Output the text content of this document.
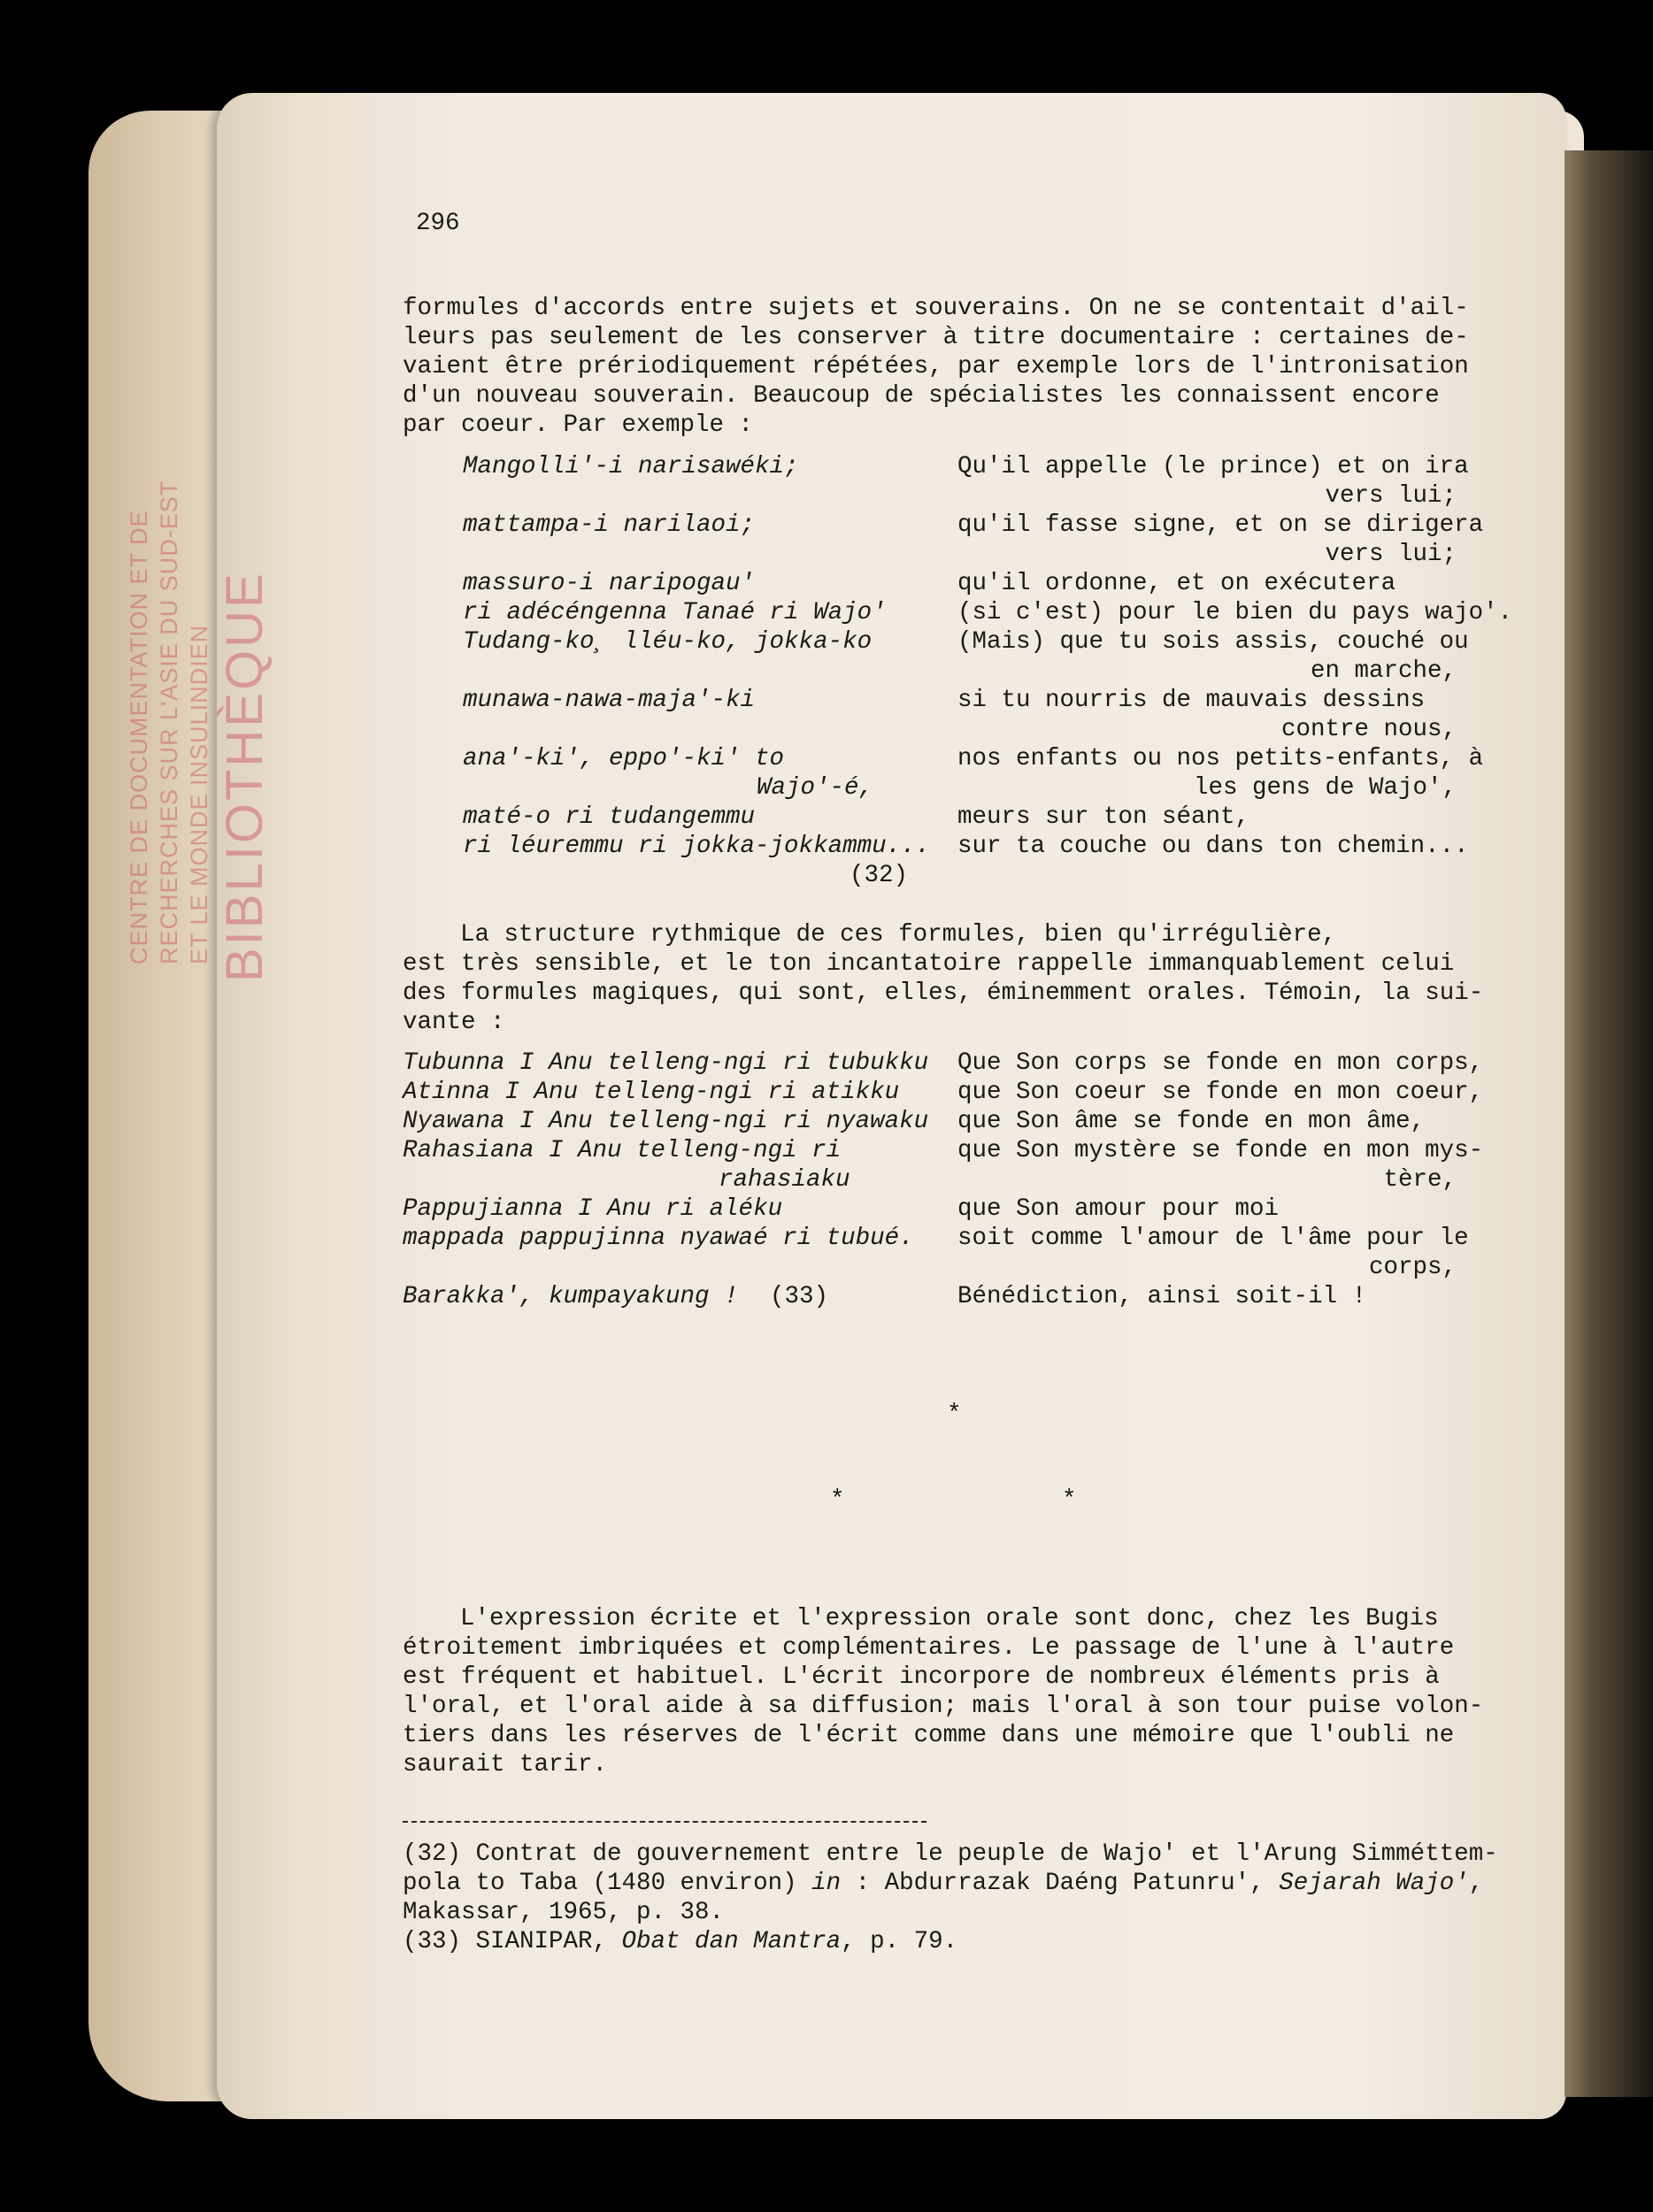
CENTRE DE DOCUMENTATION ET DE RECHERCHES SUR L'ASIE DU SUD-EST ET LE MONDE INSULINDIEN BIBLIOTHÈQUE
296
formules d'accords entre sujets et souverains. On ne se contentait d'ail-
leurs pas seulement de les conserver à titre documentaire : certaines de-
vaient être prériodiquement répétées, par exemple lors de l'intronisation
d'un nouveau souverain. Beaucoup de spécialistes les connaissent encore
par coeur. Par exemple :
Mangolli'-i narisawéki;
mattampa-i narilaoi;
massuro-i naripogau'
ri adécéngenna Tanaé ri Wajo'
Tudang-ko¸ lléu-ko, jokka-ko
munawa-nawa-maja'-ki
ana'-ki', eppo'-ki' to
Wajo'-é,
maté-o ri tudangemmu
ri léuremmu ri jokka-jokkammu...
(32)
Qu'il appelle (le prince) et on ira
vers lui;
qu'il fasse signe, et on se dirigera
vers lui;
qu'il ordonne, et on exécutera
(si c'est) pour le bien du pays wajo'.
(Mais) que tu sois assis, couché ou
en marche,
si tu nourris de mauvais dessins
contre nous,
nos enfants ou nos petits-enfants, à
les gens de Wajo',
meurs sur ton séant,
sur ta couche ou dans ton chemin...
La structure rythmique de ces formules, bien qu'irrégulière,
est très sensible, et le ton incantatoire rappelle immanquablement celui
des formules magiques, qui sont, elles, éminemment orales. Témoin, la sui-
vante :
Tubunna I Anu telleng-ngi ri tubukku
Atinna I Anu telleng-ngi ri atikku
Nyawana I Anu telleng-ngi ri nyawaku
Rahasiana I Anu telleng-ngi ri
rahasiaku
Pappujianna I Anu ri aléku
mappada pappujinna nyawaé ri tubué.
Barakka', kumpayakung ! (33)
Que Son corps se fonde en mon corps,
que Son coeur se fonde en mon coeur,
que Son âme se fonde en mon âme,
que Son mystère se fonde en mon mys-
tère,
que Son amour pour moi
soit comme l'amour de l'âme pour le
corps,
Bénédiction, ainsi soit-il !
*
*	*
L'expression écrite et l'expression orale sont donc, chez les Bugis
étroitement imbriquées et complémentaires. Le passage de l'une à l'autre
est fréquent et habituel. L'écrit incorpore de nombreux éléments pris à
l'oral, et l'oral aide à sa diffusion; mais l'oral à son tour puise volon-
tiers dans les réserves de l'écrit comme dans une mémoire que l'oubli ne
saurait tarir.
(32) Contrat de gouvernement entre le peuple de Wajo' et l'Arung Simméttem-
pola to Taba (1480 environ) in : Abdurrazak Daéng Patunru', Sejarah Wajo',
Makassar, 1965, p. 38.
(33) SIANIPAR, Obat dan Mantra, p. 79.
